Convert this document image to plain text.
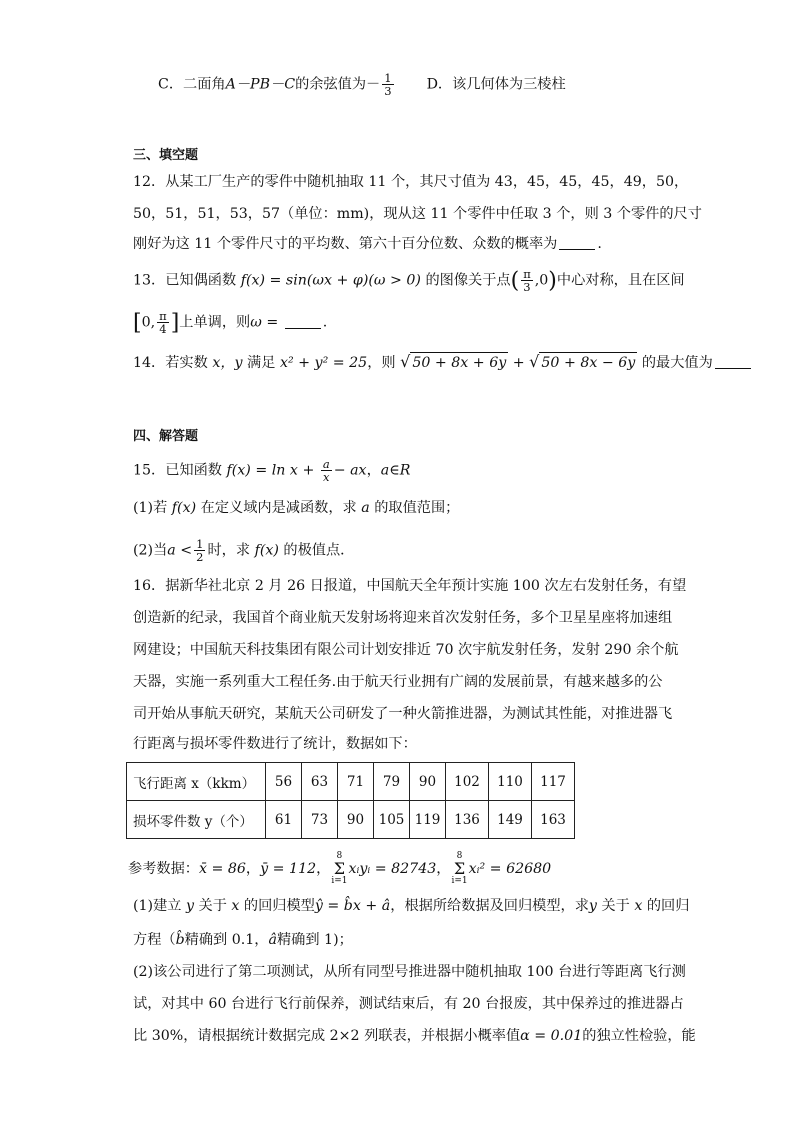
C．二面角A－PB－C的余弦值为－ $\frac{1}{3}$ D．该几何体为三棱柱
三、填空题
12．从某工厂生产的零件中随机抽取 11 个，其尺寸值为 43，45，45，45，49，50，
50，51，51，53，57（单位：mm)，现从这 11 个零件中任取 3 个，则 3 个零件的尺寸
刚好为这 11 个零件尺寸的平均数、第六十百分位数、众数的概率为	.
13．已知偶函数 f(x) = sin(ωx + φ)(ω > 0) 的图像关于点( $\frac{\pi}{3} ,0$)中心对称，且在区间
[0, $\frac{\pi}{4}$ ]上单调，则ω =	.
14．若实数 x，y 满足 x² + y² = 25，则 √ 50 + 8x + 6y + √ 50 + 8x − 6y 的最大值为
四、解答题
15．已知函数 $f(x) = \ln x + \frac{a}{x}$ − ax，a∈R
(1)若 f(x) 在定义域内是减函数，求 a 的取值范围；
(2)当$a < \frac{1}{2}$ 时，求 f(x) 的极值点．
16．据新华社北京 2 月 26 日报道，中国航天全年预计实施 100 次左右发射任务，有望
创造新的纪录，我国首个商业航天发射场将迎来首次发射任务，多个卫星星座将加速组
网建设；中国航天科技集团有限公司计划安排近 70 次宇航发射任务，发射 290 余个航
天器，实施一系列重大工程任务.由于航天行业拥有广阔的发展前景，有越来越多的公
司开始从事航天研究，某航天公司研发了一种火箭推进器，为测试其性能，对推进器飞
行距离与损坏零件数进行了统计，数据如下：
飞行距离 x（kkm）	56	63	71	79	90	102	110	117
损坏零件数 y（个）	61	73	90	105	119	136	149	163
参考数据：x̄ = 86，ȳ = 112，8
Σ
i=1xᵢyᵢ = 82743，8
Σ
i=1xᵢ² = 62680
(1)建立 y 关于 x 的回归模型ŷ = b̂x + â，根据所给数据及回归模型，求y 关于 x 的回归
方程（b̂精确到 0.1，â精确到 1)；
(2)该公司进行了第二项测试，从所有同型号推进器中随机抽取 100 台进行等距离飞行测
试，对其中 60 台进行飞行前保养，测试结束后，有 20 台报废，其中保养过的推进器占
比 30%，请根据统计数据完成 2×2 列联表，并根据小概率值α = 0.01的独立性检验，能
